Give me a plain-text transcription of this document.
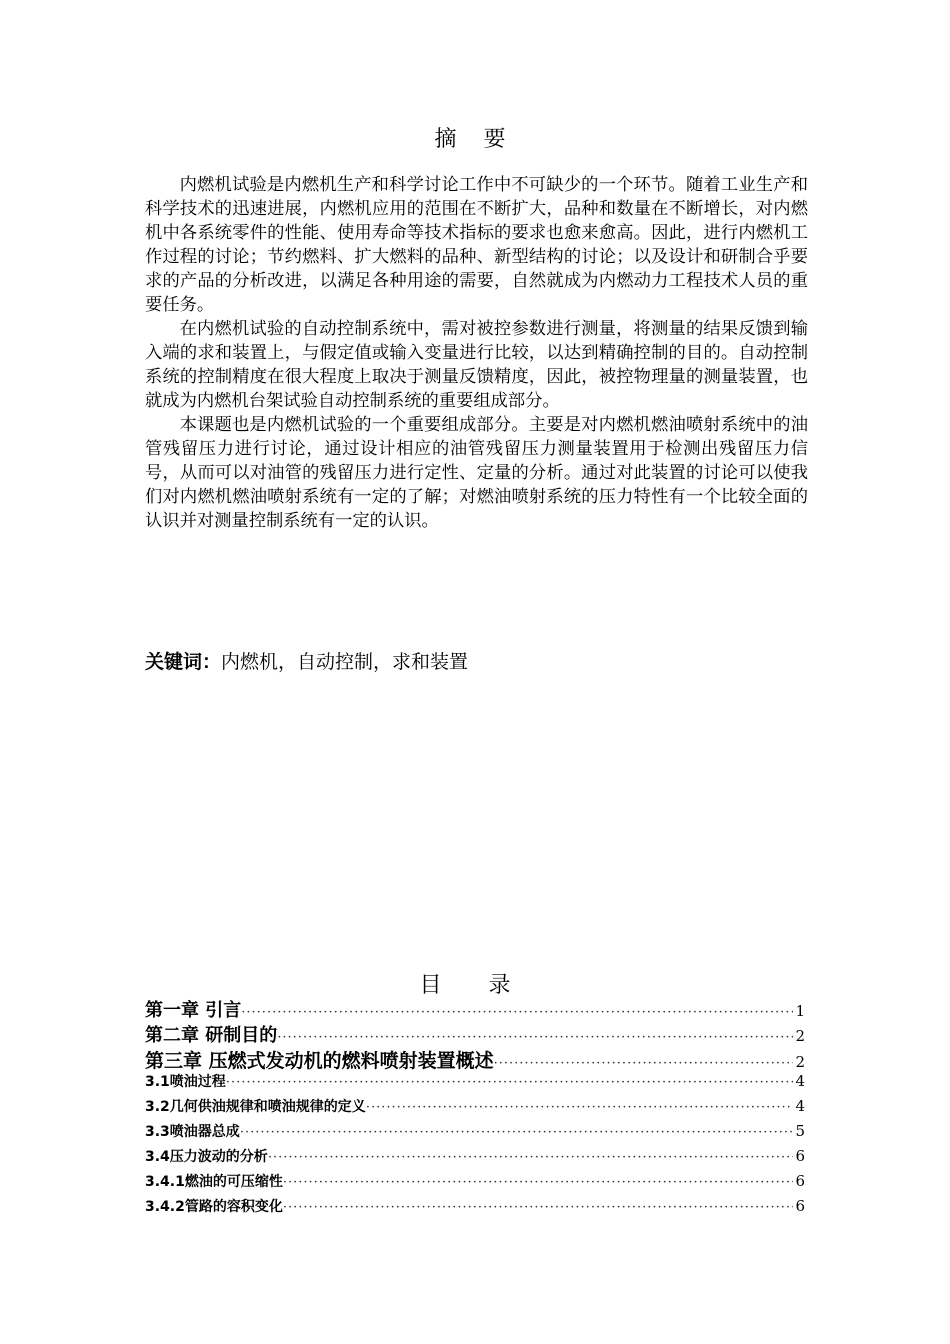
摘 要

内燃机试验是内燃机生产和科学讨论工作中不可缺少的一个环节。随着工业生产和科学技术的迅速进展，内燃机应用的范围在不断扩大，品种和数量在不断增长，对内燃机中各系统零件的性能、使用寿命等技术指标的要求也愈来愈高。因此，进行内燃机工作过程的讨论；节约燃料、扩大燃料的品种、新型结构的讨论；以及设计和研制合乎要求的产品的分析改进，以满足各种用途的需要，自然就成为内燃动力工程技术人员的重要任务。

在内燃机试验的自动控制系统中，需对被控参数进行测量，将测量的结果反馈到输入端的求和装置上，与假定值或输入变量进行比较，以达到精确控制的目的。自动控制系统的控制精度在很大程度上取决于测量反馈精度，因此，被控物理量的测量装置，也就成为内燃机台架试验自动控制系统的重要组成部分。

本课题也是内燃机试验的一个重要组成部分。主要是对内燃机燃油喷射系统中的油管残留压力进行讨论，通过设计相应的油管残留压力测量装置用于检测出残留压力信号，从而可以对油管的残留压力进行定性、定量的分析。通过对此装置的讨论可以使我们对内燃机燃油喷射系统有一定的了解；对燃油喷射系统的压力特性有一个比较全面的认识并对测量控制系统有一定的认识。

关键词：内燃机，自动控制，求和装置
目 录
第一章 引言 ·····	1
第二章 研制目的 ·····	2
第三章 压燃式发动机的燃料喷射装置概述 ·····	2
3.1喷油过程 ·····	4
3.2几何供油规律和喷油规律的定义 ·····	4
3.3喷油器总成 ·····	5
3.4压力波动的分析 ·····	6
3.4.1燃油的可压缩性 ·····	6
3.4.2管路的容积变化 ·····	6
